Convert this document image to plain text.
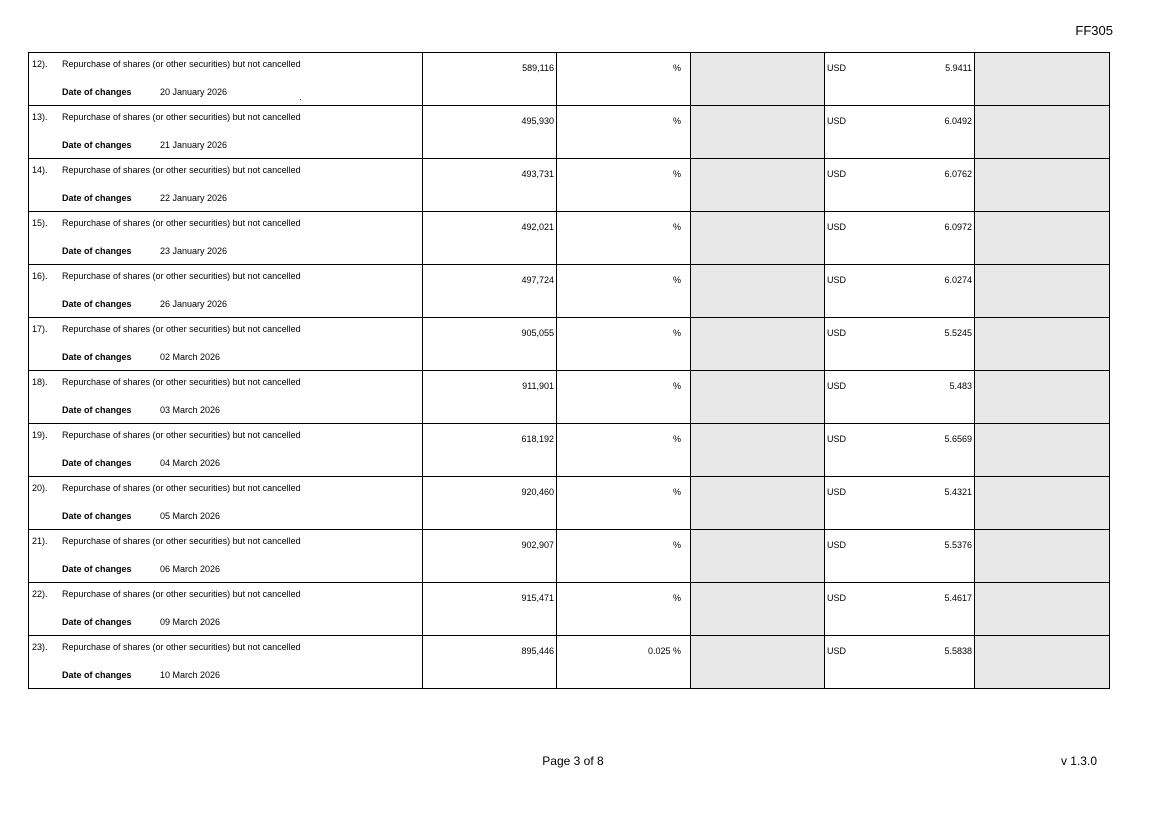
FF305
12). Repurchase of shares (or other securities) but not cancelled
Date of changes 20 January 2026	589,116	%		USD 5.9411	

13). Repurchase of shares (or other securities) but not cancelled
Date of changes 21 January 2026	495,930	%		USD 6.0492	

14). Repurchase of shares (or other securities) but not cancelled
Date of changes 22 January 2026	493,731	%		USD 6.0762	

15). Repurchase of shares (or other securities) but not cancelled
Date of changes 23 January 2026	492,021	%		USD 6.0972	

16). Repurchase of shares (or other securities) but not cancelled
Date of changes 26 January 2026	497,724	%		USD 6.0274	

17). Repurchase of shares (or other securities) but not cancelled
Date of changes 02 March 2026	905,055	%		USD 5.5245	

18). Repurchase of shares (or other securities) but not cancelled
Date of changes 03 March 2026	911,901	%		USD 5.483	

19). Repurchase of shares (or other securities) but not cancelled
Date of changes 04 March 2026	618,192	%		USD 5.6569	

20). Repurchase of shares (or other securities) but not cancelled
Date of changes 05 March 2026	920,460	%		USD 5.4321	

21). Repurchase of shares (or other securities) but not cancelled
Date of changes 06 March 2026	902,907	%		USD 5.5376	

22). Repurchase of shares (or other securities) but not cancelled
Date of changes 09 March 2026	915,471	%		USD 5.4617	

23). Repurchase of shares (or other securities) but not cancelled
Date of changes 10 March 2026	895,446	0.025 %		USD 5.5838	
Page 3 of 8	v 1.3.0
